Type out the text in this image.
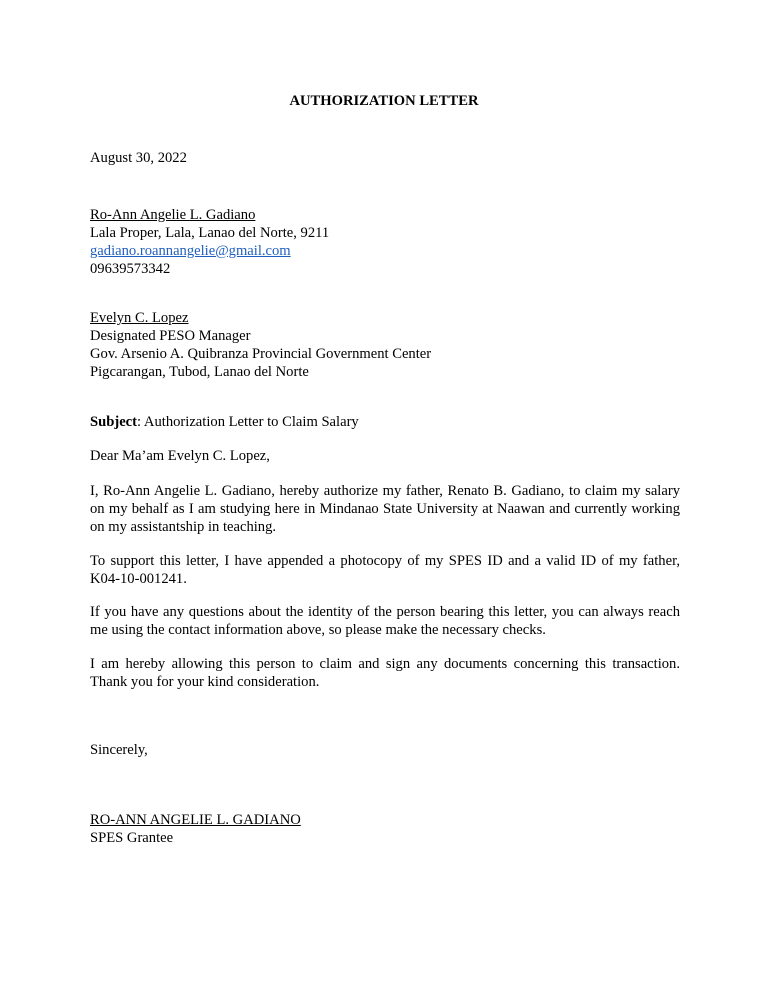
AUTHORIZATION LETTER
August 30, 2022
Ro-Ann Angelie L. Gadiano
Lala Proper, Lala, Lanao del Norte, 9211
gadiano.roannangelie@gmail.com
09639573342
Evelyn C. Lopez
Designated PESO Manager
Gov. Arsenio A. Quibranza Provincial Government Center
Pigcarangan, Tubod, Lanao del Norte
Subject: Authorization Letter to Claim Salary
Dear Ma’am Evelyn C. Lopez,
I, Ro-Ann Angelie L. Gadiano, hereby authorize my father, Renato B. Gadiano, to claim my salary on my behalf as I am studying here in Mindanao State University at Naawan and currently working on my assistantship in teaching.
To support this letter, I have appended a photocopy of my SPES ID and a valid ID of my father, K04-10-001241.
If you have any questions about the identity of the person bearing this letter, you can always reach me using the contact information above, so please make the necessary checks.
I am hereby allowing this person to claim and sign any documents concerning this transaction. Thank you for your kind consideration.
Sincerely,
RO-ANN ANGELIE L. GADIANO
SPES Grantee
